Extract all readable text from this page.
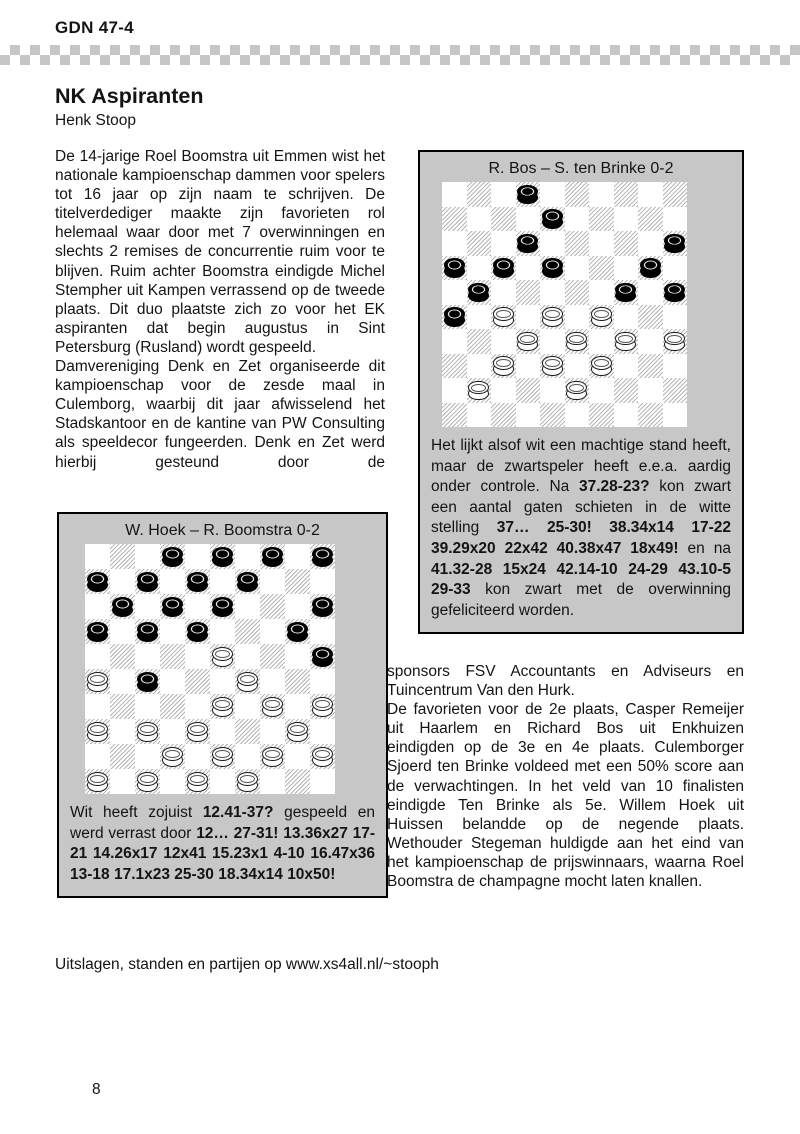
GDN 47-4
NK Aspiranten
Henk Stoop

De 14-jarige Roel Boomstra uit Emmen wist het nationale kampioenschap dammen voor spelers tot 16 jaar op zijn naam te schrijven. De titelverdediger maakte zijn favorieten rol helemaal waar door met 7 overwinningen en slechts 2 remises de concurrentie ruim voor te blijven. Ruim achter Boomstra eindigde Michel Stempher uit Kampen verrassend op de tweede plaats. Dit duo plaatste zich zo voor het EK aspiranten dat begin augustus in Sint Petersburg (Rusland) wordt gespeeld.

Damvereniging Denk en Zet organiseerde dit kampioenschap voor de zesde maal in Culemborg, waarbij dit jaar afwisselend het Stadskantoor en de kantine van PW Consulting als speeldecor fungeerden. Denk en Zet werd hierbij gesteund door de

R. Bos – S. ten Brinke 0-2
Het lijkt alsof wit een machtige stand heeft, maar de zwartspeler heeft e.e.a. aardig onder controle. Na 37.28-23? kon zwart een aantal gaten schieten in de witte stelling 37… 25-30! 38.34x14 17-22 39.29x20 22x42 40.38x47 18x49! en na 41.32-28 15x24 42.14-10 24-29 43.10-5 29-33 kon zwart met de overwinning gefeliciteerd worden.
W. Hoek – R. Boomstra 0-2
Wit heeft zojuist 12.41-37? gespeeld en werd verrast door 12… 27-31! 13.36x27 17-21 14.26x17 12x41 15.23x1 4-10 16.47x36 13-18 17.1x23 25-30 18.34x14 10x50!

sponsors FSV Accountants en Adviseurs en Tuincentrum Van den Hurk.

De favorieten voor de 2e plaats, Casper Remeijer uit Haarlem en Richard Bos uit Enkhuizen eindigden op de 3e en 4e plaats. Culemborger Sjoerd ten Brinke voldeed met een 50% score aan de verwachtingen. In het veld van 10 finalisten eindigde Ten Brinke als 5e. Willem Hoek uit Huissen belandde op de negende plaats. Wethouder Stegeman huldigde aan het eind van het kampioenschap de prijswinnaars, waarna Roel Boomstra de champagne mocht laten knallen.

Uitslagen, standen en partijen op www.xs4all.nl/~stooph
8
